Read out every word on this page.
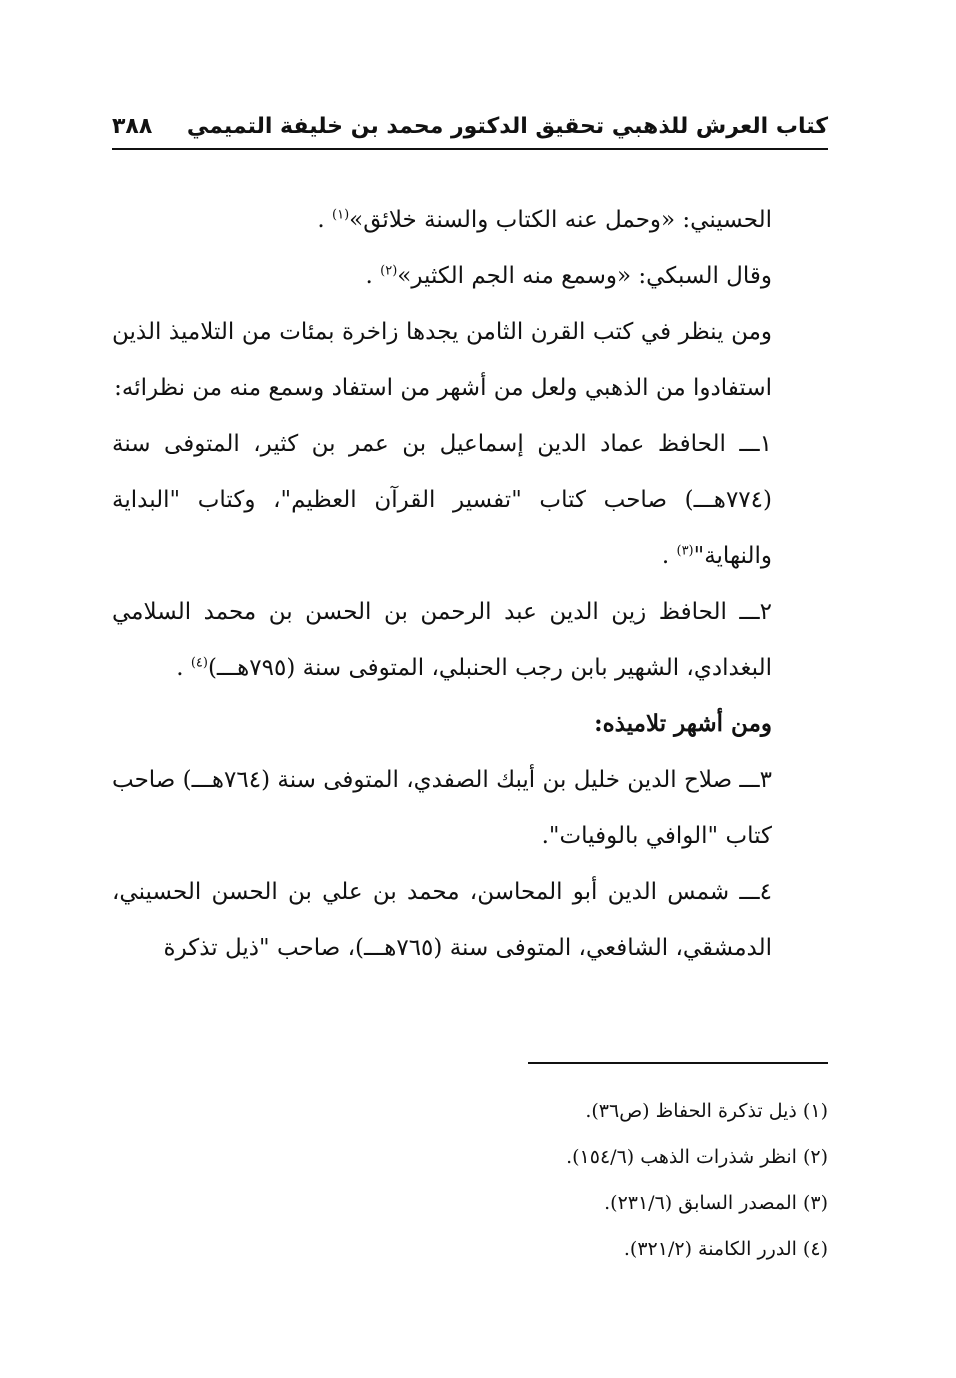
كتاب العرش للذهبي تحقيق الدكتور محمد بن خليفة التميمي
٣٨٨

الحسيني: «وحمل عنه الكتاب والسنة خلائق»$^{(١)}$ .

وقال السبكي: «وسمع منه الجم الكثير»$^{(٢)}$ .

ومن ينظر في كتب القرن الثامن يجدها زاخرة بمئات من التلاميذ الذين استفادوا من الذهبي ولعل من أشهر من استفاد وسمع منه من نظرائه:

١ـــ الحافظ عماد الدين إسماعيل بن عمر بن كثير، المتوفى سنة (٧٧٤هـــ) صاحب كتاب "تفسير القرآن العظيم"، وكتاب "البداية والنهاية"$^{(٣)}$ .

٢ـــ الحافظ زين الدين عبد الرحمن بن الحسن بن محمد السلامي البغدادي، الشهير بابن رجب الحنبلي، المتوفى سنة (٧٩٥هـــ)$^{(٤)}$ .

ومن أشهر تلاميذه:

٣ـــ صلاح الدين خليل بن أيبك الصفدي، المتوفى سنة (٧٦٤هـــ) صاحب كتاب "الوافي بالوفيات".

٤ـــ شمس الدين أبو المحاسن، محمد بن علي بن الحسن الحسيني، الدمشقي، الشافعي، المتوفى سنة (٧٦٥هـــ)، صاحب "ذيل تذكرة

(١) ذيل تذكرة الحفاظ (ص٣٦).
(٢) انظر شذرات الذهب (١٥٤/٦).
(٣) المصدر السابق (٢٣١/٦).
(٤) الدرر الكامنة (٣٢١/٢).
